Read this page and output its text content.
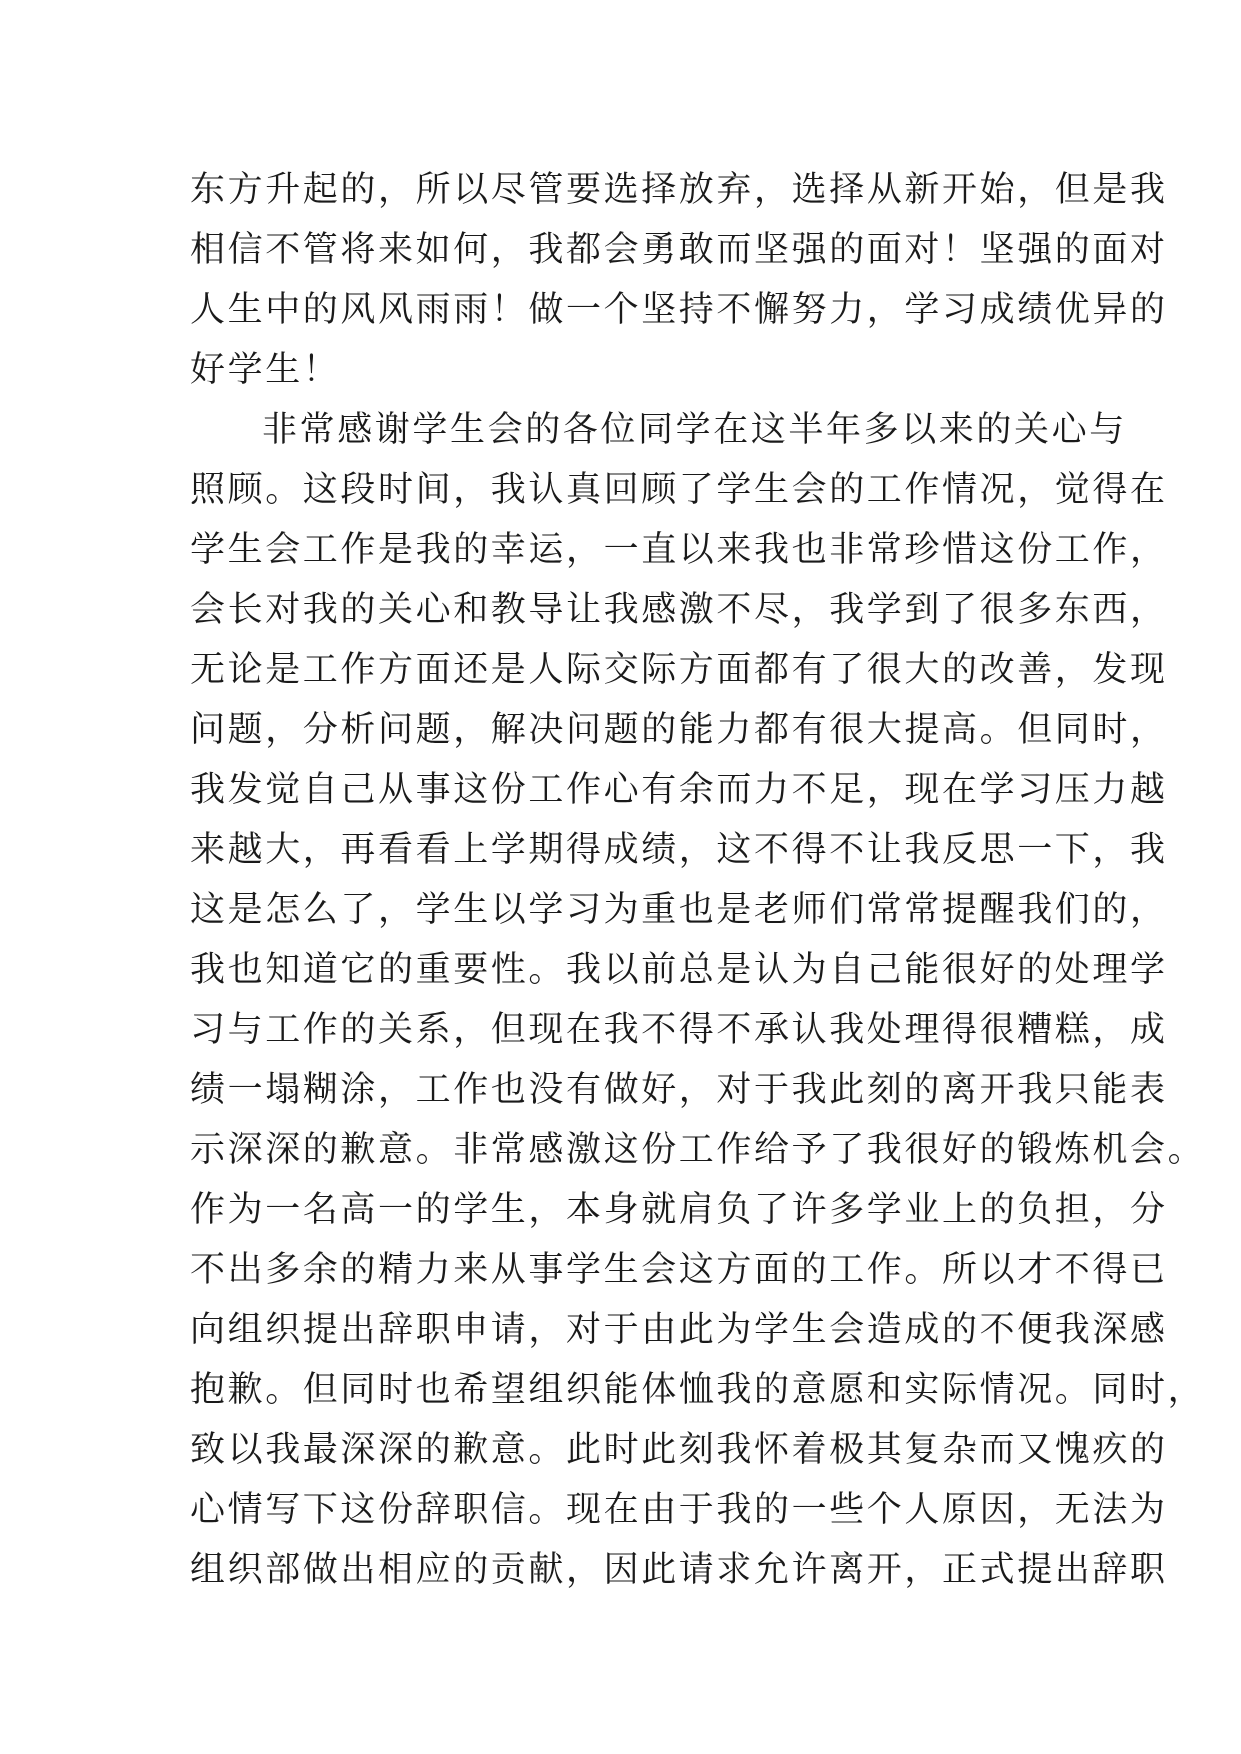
东方升起的，所以尽管要选择放弃，选择从新开始，但是我
相信不管将来如何，我都会勇敢而坚强的面对！坚强的面对
人生中的风风雨雨！做一个坚持不懈努力，学习成绩优异的
好学生！
非常感谢学生会的各位同学在这半年多以来的关心与
照顾。这段时间，我认真回顾了学生会的工作情况，觉得在
学生会工作是我的幸运，一直以来我也非常珍惜这份工作，
会长对我的关心和教导让我感激不尽，我学到了很多东西，
无论是工作方面还是人际交际方面都有了很大的改善，发现
问题，分析问题，解决问题的能力都有很大提高。但同时，
我发觉自己从事这份工作心有余而力不足，现在学习压力越
来越大，再看看上学期得成绩，这不得不让我反思一下，我
这是怎么了，学生以学习为重也是老师们常常提醒我们的，
我也知道它的重要性。我以前总是认为自己能很好的处理学
习与工作的关系，但现在我不得不承认我处理得很糟糕，成
绩一塌糊涂，工作也没有做好，对于我此刻的离开我只能表
示深深的歉意。非常感激这份工作给予了我很好的锻炼机会。
作为一名高一的学生，本身就肩负了许多学业上的负担，分
不出多余的精力来从事学生会这方面的工作。所以才不得已
向组织提出辞职申请，对于由此为学生会造成的不便我深感
抱歉。但同时也希望组织能体恤我的意愿和实际情况。同时，
致以我最深深的歉意。此时此刻我怀着极其复杂而又愧疚的
心情写下这份辞职信。现在由于我的一些个人原因，无法为
组织部做出相应的贡献，因此请求允许离开，正式提出辞职
